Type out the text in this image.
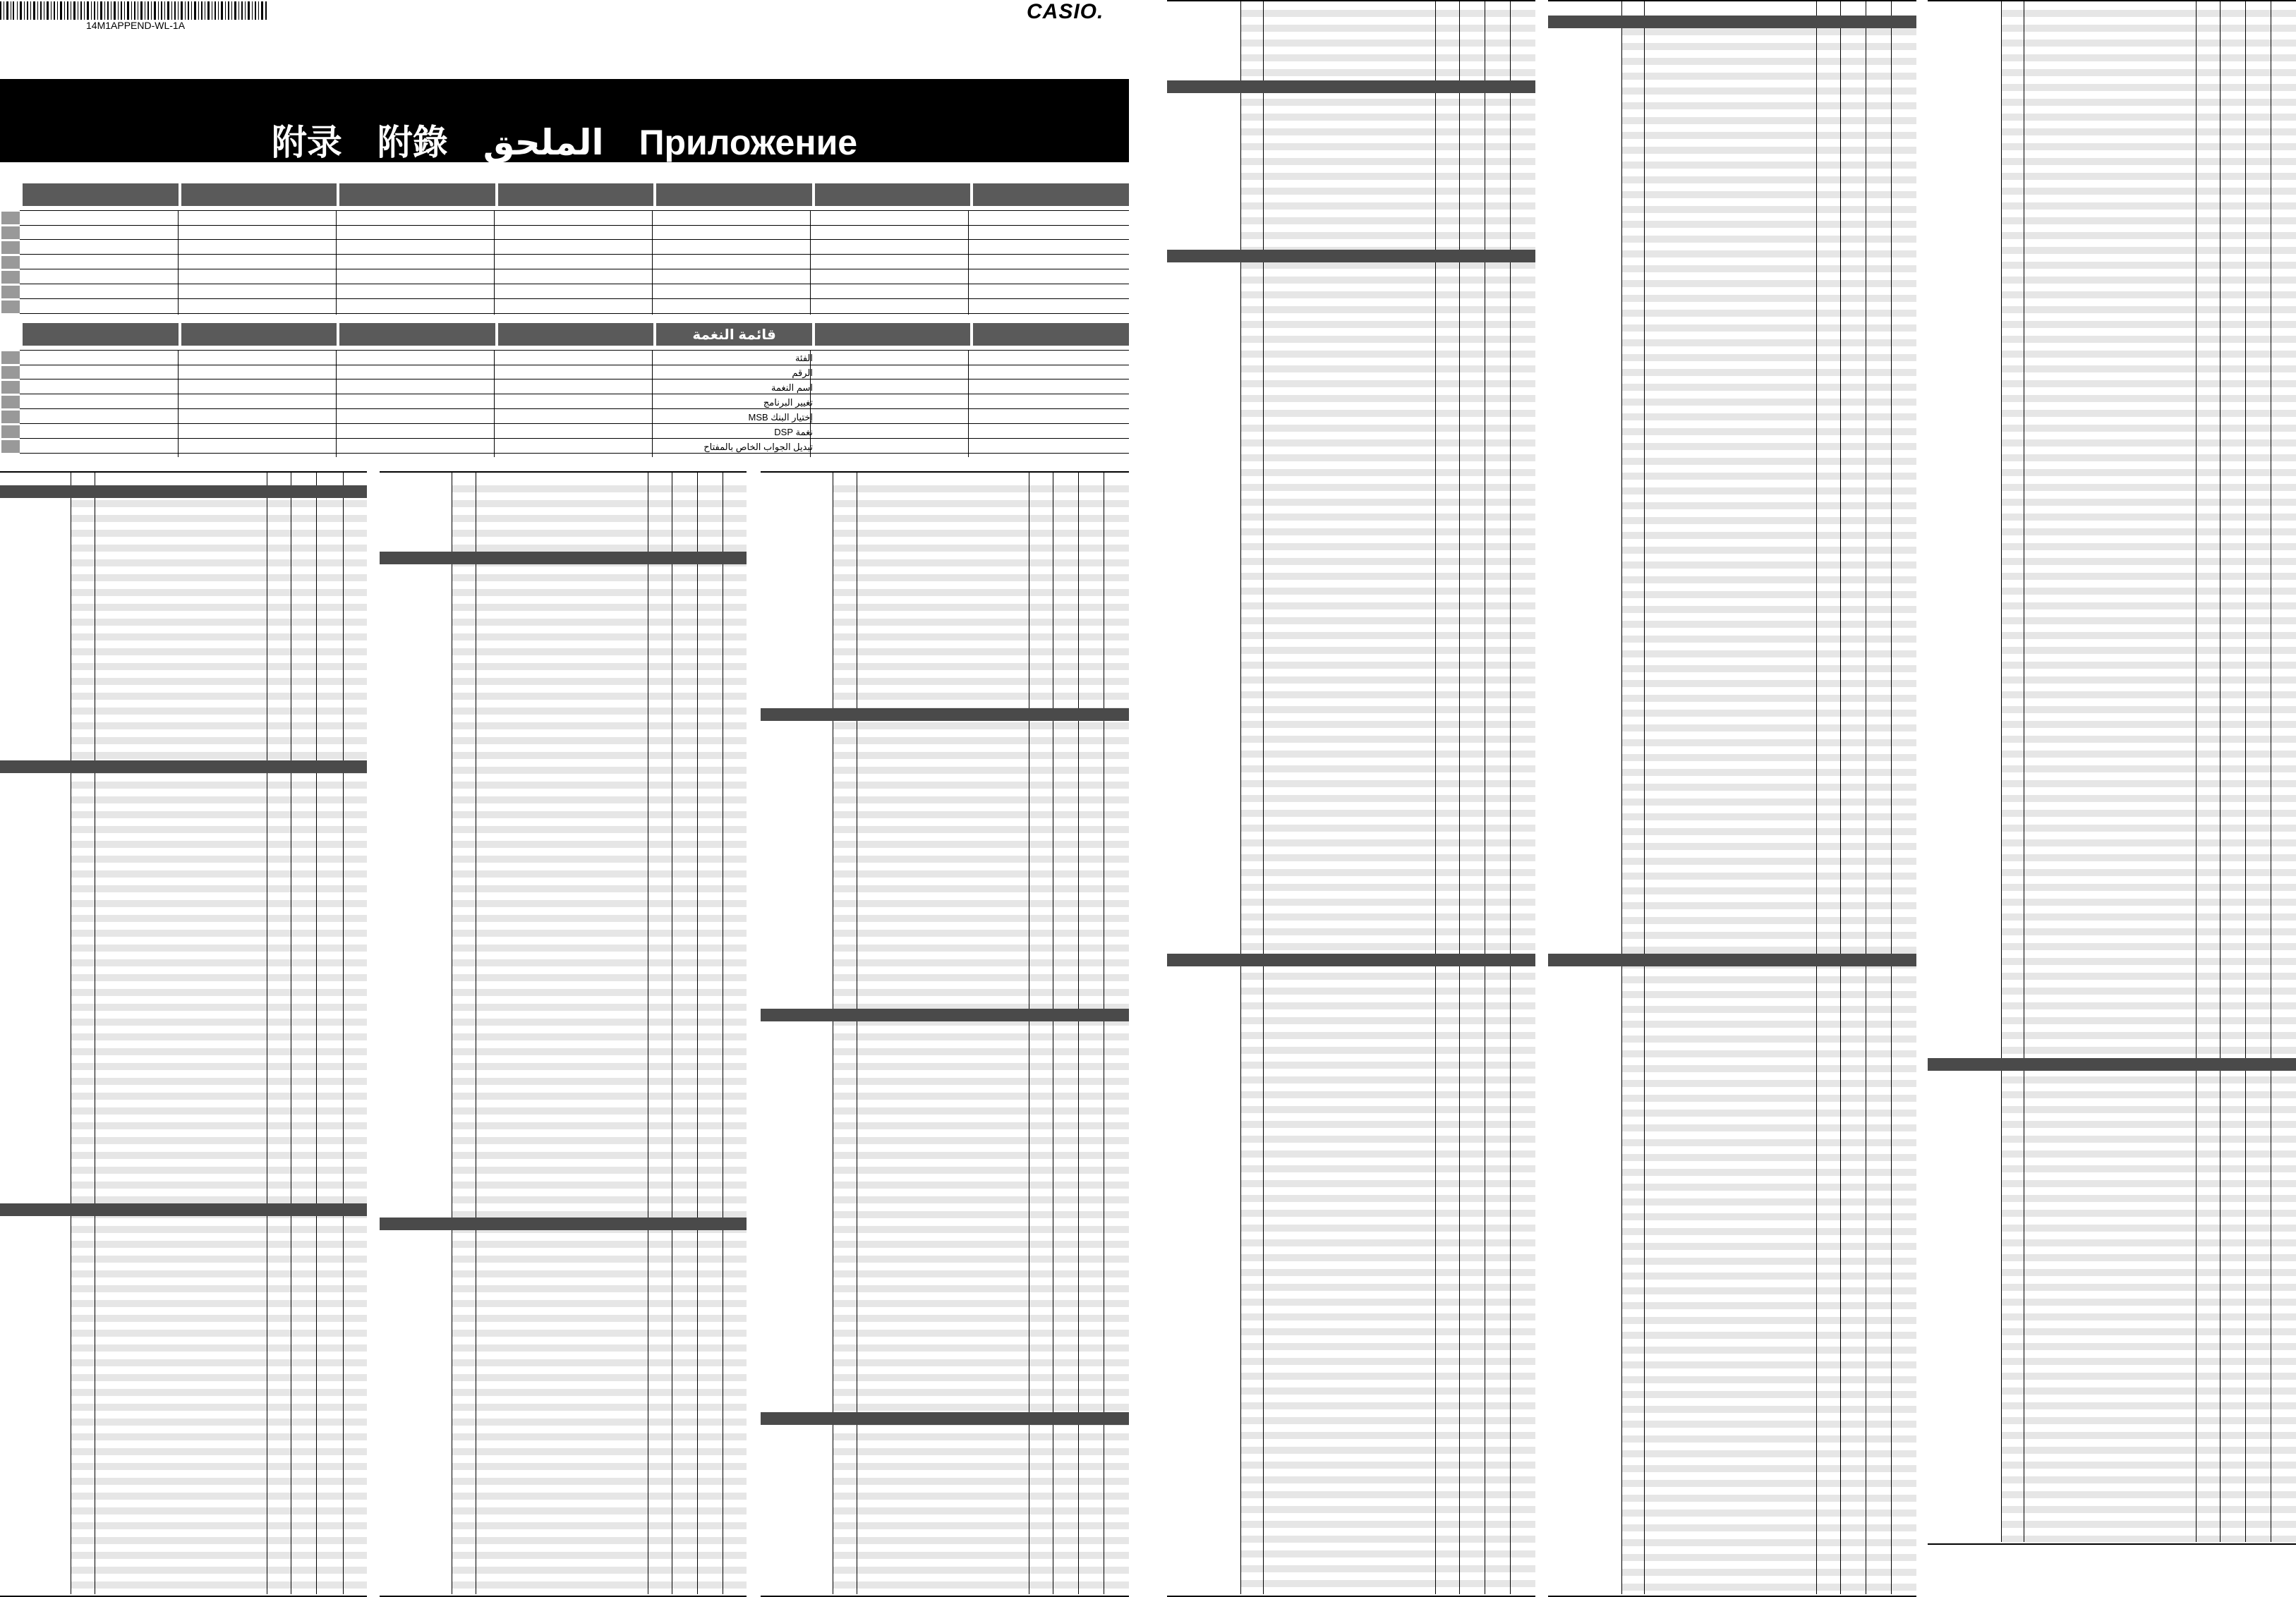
14M1APPEND-WL-1A
CASIO.
附录 附錄 الملحق Приложение
قائمة النغمة
الفئة
الرقم
اسم النغمة
تغيير البرنامج
إختيار البنك MSB
نغمة DSP
تبديل الجواب الخاص بالمفتاح
